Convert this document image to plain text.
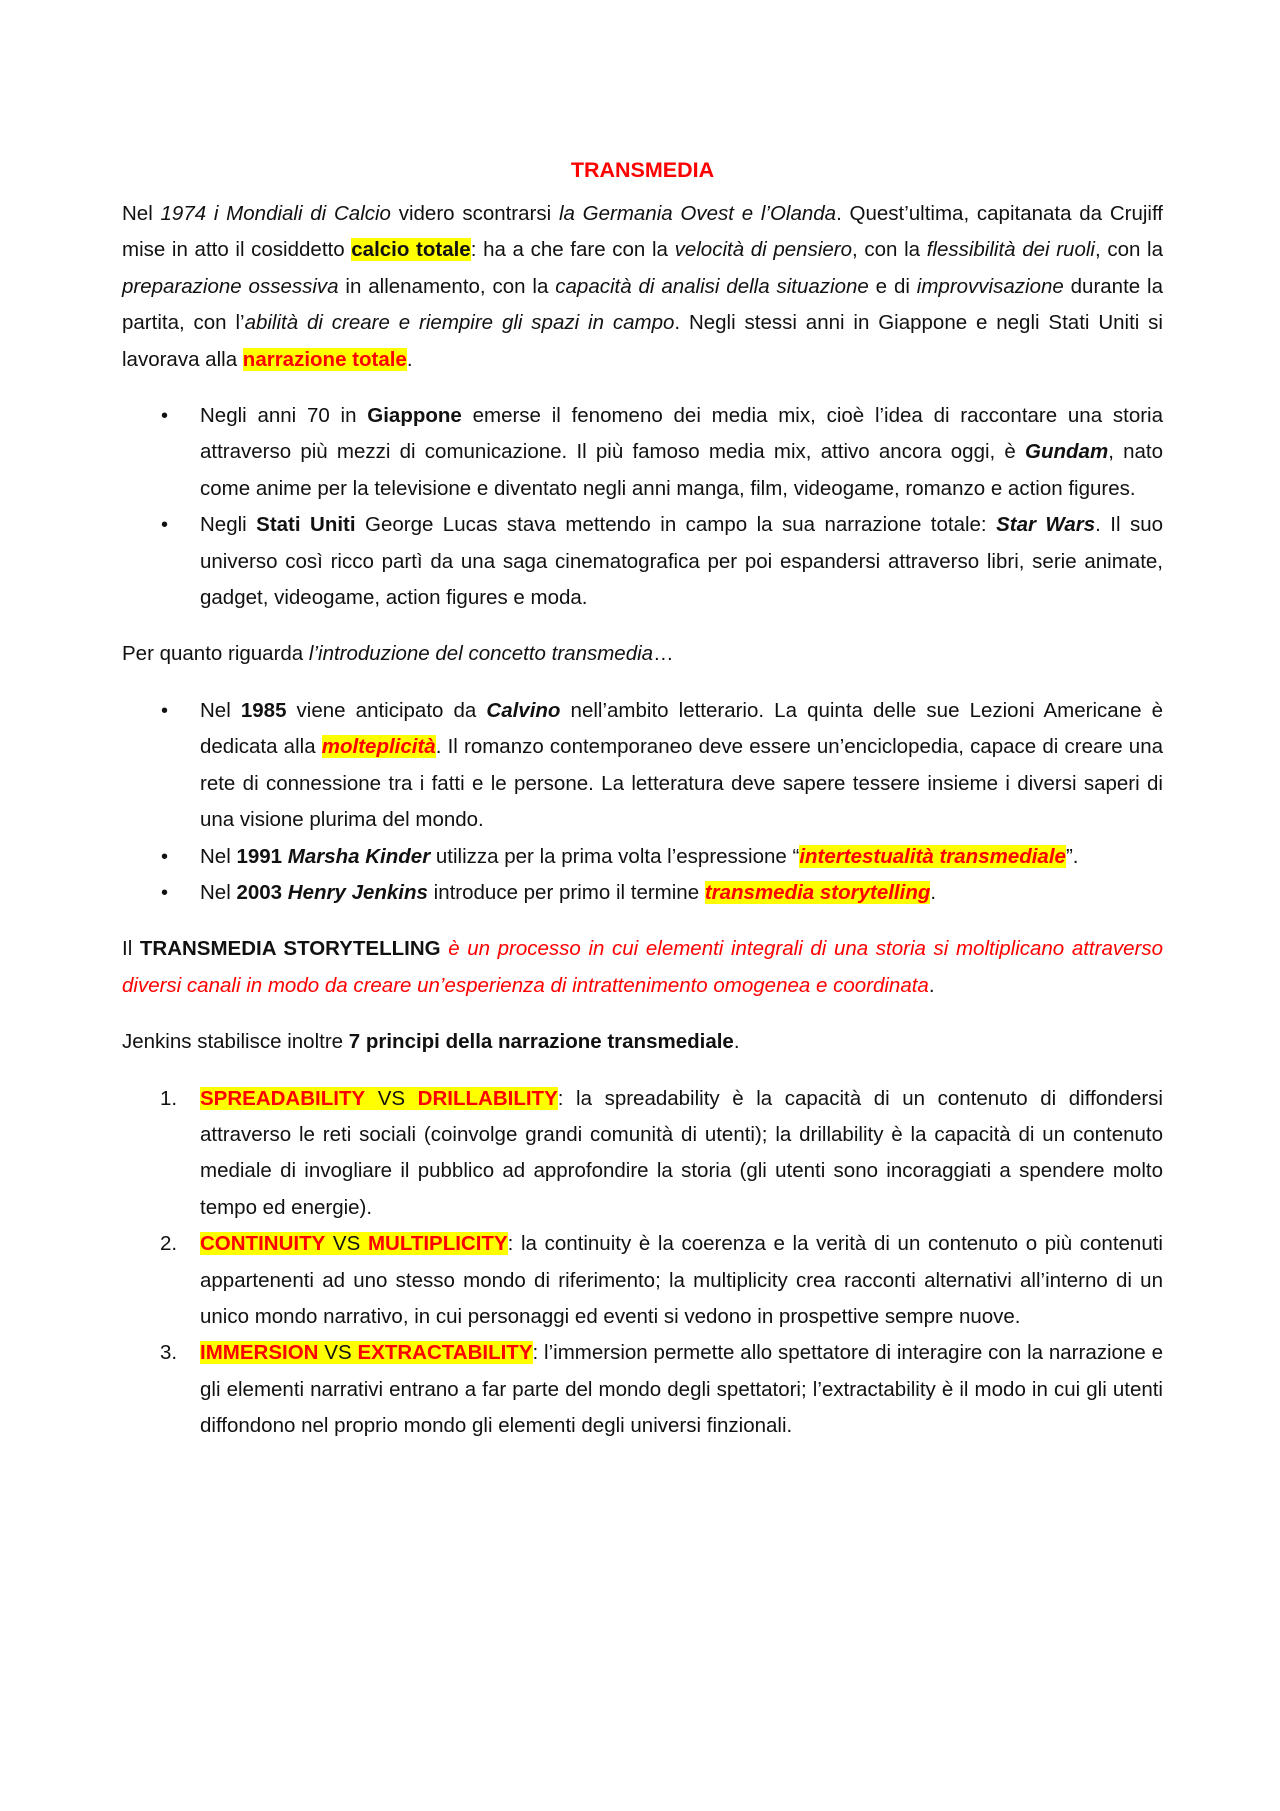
TRANSMEDIA

Nel 1974 i Mondiali di Calcio videro scontrarsi la Germania Ovest e l’Olanda. Quest’ultima, capitanata da Crujiff mise in atto il cosiddetto calcio totale: ha a che fare con la velocità di pensiero, con la flessibilità dei ruoli, con la preparazione ossessiva in allenamento, con la capacità di analisi della situazione e di improvvisazione durante la partita, con l’abilità di creare e riempire gli spazi in campo. Negli stessi anni in Giappone e negli Stati Uniti si lavorava alla narrazione totale.

• Negli anni 70 in Giappone emerse il fenomeno dei media mix, cioè l’idea di raccontare una storia attraverso più mezzi di comunicazione. Il più famoso media mix, attivo ancora oggi, è Gundam, nato come anime per la televisione e diventato negli anni manga, film, videogame, romanzo e action figures.
• Negli Stati Uniti George Lucas stava mettendo in campo la sua narrazione totale: Star Wars. Il suo universo così ricco partì da una saga cinematografica per poi espandersi attraverso libri, serie animate, gadget, videogame, action figures e moda.

Per quanto riguarda l’introduzione del concetto transmedia…

• Nel 1985 viene anticipato da Calvino nell’ambito letterario. La quinta delle sue Lezioni Americane è dedicata alla molteplicità. Il romanzo contemporaneo deve essere un’enciclopedia, capace di creare una rete di connessione tra i fatti e le persone. La letteratura deve sapere tessere insieme i diversi saperi di una visione plurima del mondo.
• Nel 1991 Marsha Kinder utilizza per la prima volta l’espressione “intertestualità transmediale”.
• Nel 2003 Henry Jenkins introduce per primo il termine transmedia storytelling.

Il TRANSMEDIA STORYTELLING è un processo in cui elementi integrali di una storia si moltiplicano attraverso diversi canali in modo da creare un’esperienza di intrattenimento omogenea e coordinata.

Jenkins stabilisce inoltre 7 principi della narrazione transmediale.

1. SPREADABILITY VS DRILLABILITY: la spreadability è la capacità di un contenuto di diffondersi attraverso le reti sociali (coinvolge grandi comunità di utenti); la drillability è la capacità di un contenuto mediale di invogliare il pubblico ad approfondire la storia (gli utenti sono incoraggiati a spendere molto tempo ed energie).
2. CONTINUITY VS MULTIPLICITY: la continuity è la coerenza e la verità di un contenuto o più contenuti appartenenti ad uno stesso mondo di riferimento; la multiplicity crea racconti alternativi all’interno di un unico mondo narrativo, in cui personaggi ed eventi si vedono in prospettive sempre nuove.
3. IMMERSION VS EXTRACTABILITY: l’immersion permette allo spettatore di interagire con la narrazione e gli elementi narrativi entrano a far parte del mondo degli spettatori; l’extractability è il modo in cui gli utenti diffondono nel proprio mondo gli elementi degli universi finzionali.
